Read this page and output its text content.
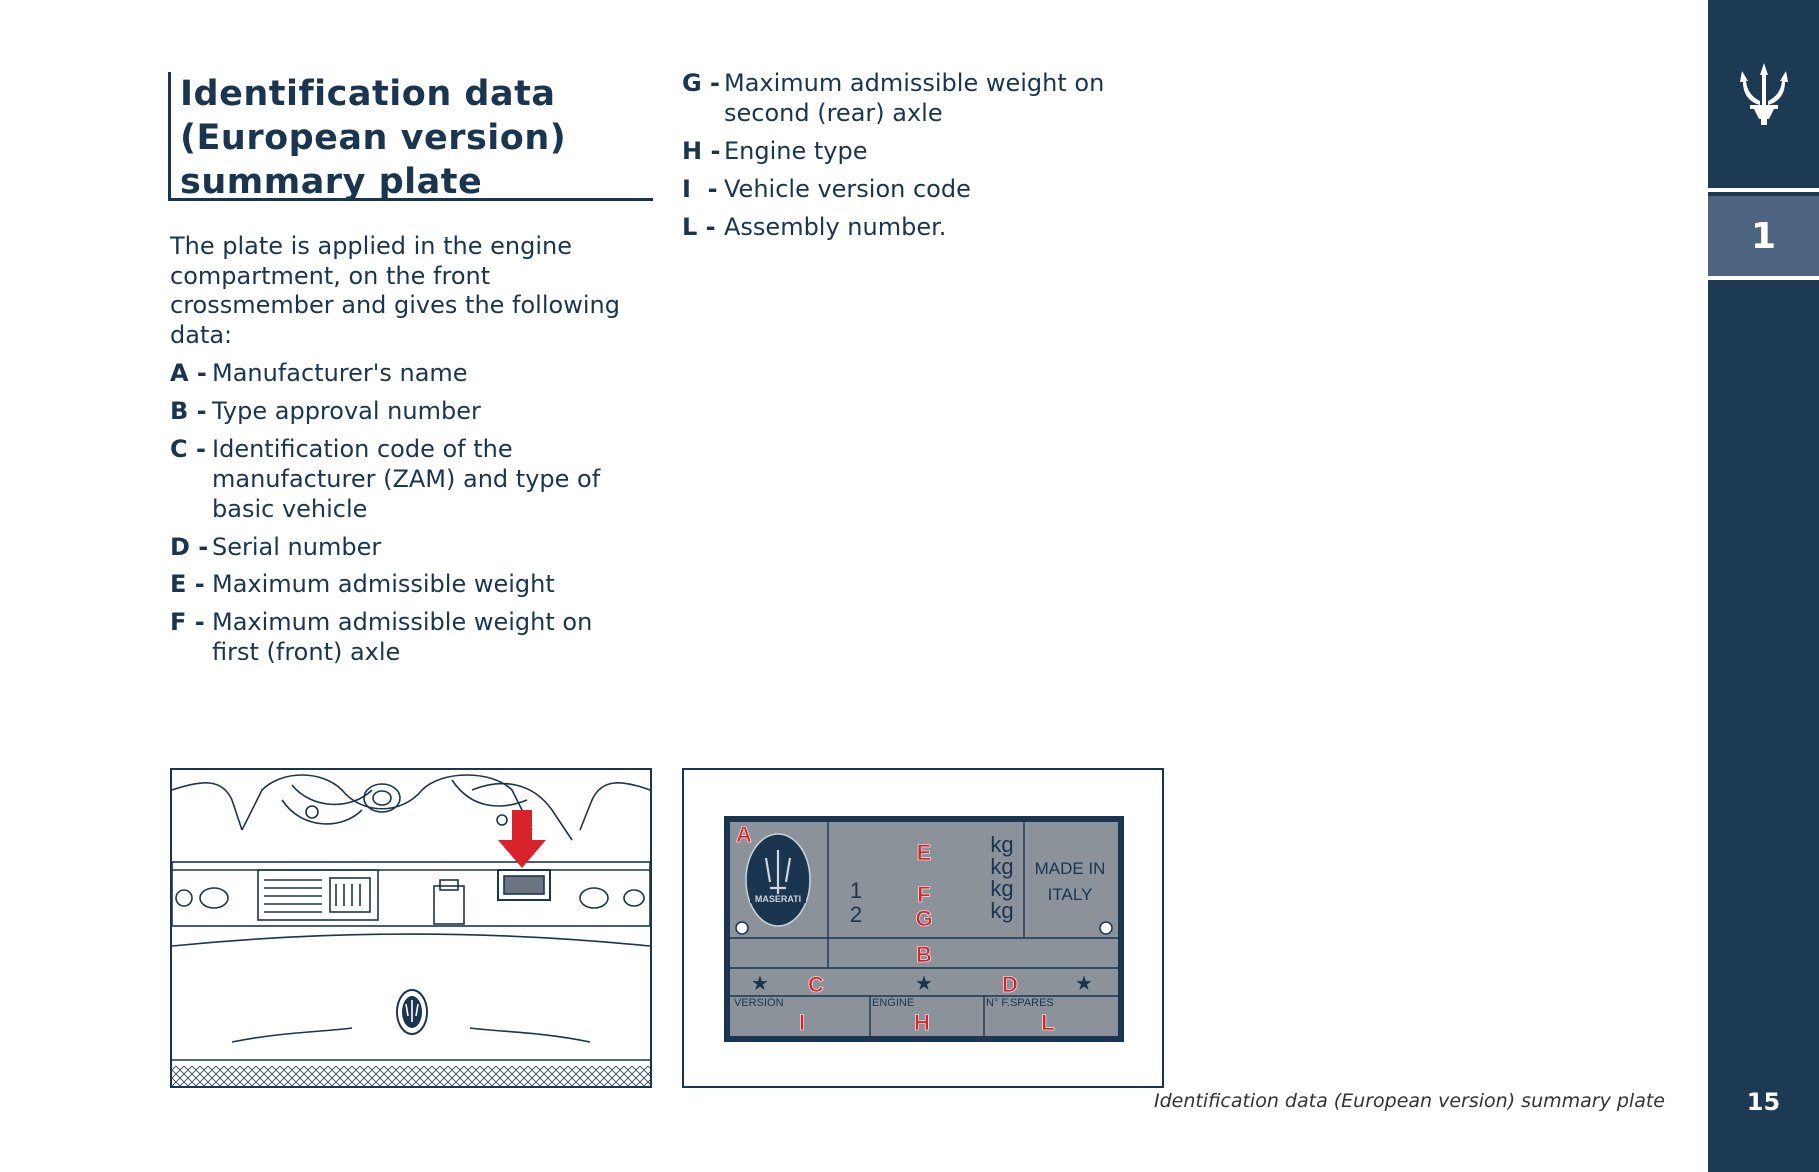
1
15
Identification data
(European version)
summary plate

The plate is applied in the engine compartment, on the front crossmember and gives the following data:

A - Manufacturer's name
B - Type approval number
C - Identification code of the manufacturer (ZAM) and type of basic vehicle
D - Serial number
E - Maximum admissible weight
F - Maximum admissible weight on first (front) axle
G - Maximum admissible weight on second (rear) axle
H - Engine type
I  - Vehicle version code
L - Assembly number.
MASERATI 1
2
kg
kg
kg
kg
MADE IN
ITALY
★	★	★
VERSION	ENGINE	N° F.SPARES
A
E
F
G
B
C	D
I	H	L
Identification data (European version) summary plate
